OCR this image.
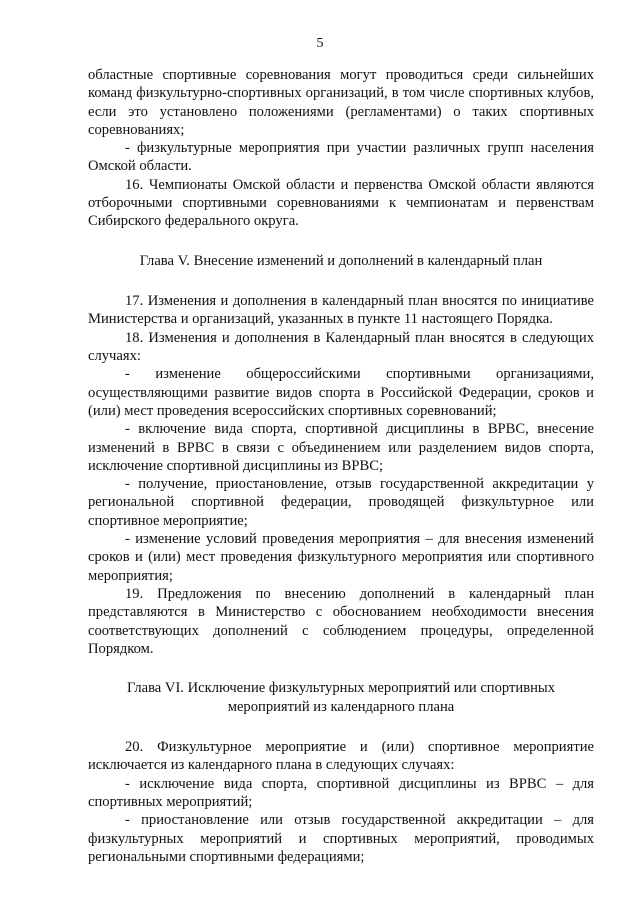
5

областные спортивные соревнования могут проводиться среди сильнейших команд физкультурно-спортивных организаций, в том числе спортивных клубов, если это установлено положениями (регламентами) о таких спортивных соревнованиях;

- физкультурные мероприятия при участии различных групп населения Омской области.

16. Чемпионаты Омской области и первенства Омской области являются отборочными спортивными соревнованиями к чемпионатам и первенствам Сибирского федерального округа.

Глава V. Внесение изменений и дополнений в календарный план

17. Изменения и дополнения в календарный план вносятся по инициативе Министерства и организаций, указанных в пункте 11 настоящего Порядка.

18. Изменения и дополнения в Календарный план вносятся в следующих случаях:

- изменение общероссийскими спортивными организациями, осуществляющими развитие видов спорта в Российской Федерации, сроков и (или) мест проведения всероссийских спортивных соревнований;

- включение вида спорта, спортивной дисциплины в ВРВС, внесение изменений в ВРВС в связи с объединением или разделением видов спорта, исключение спортивной дисциплины из ВРВС;

- получение, приостановление, отзыв государственной аккредитации у региональной спортивной федерации, проводящей физкультурное или спортивное мероприятие;

- изменение условий проведения мероприятия – для внесения изменений сроков и (или) мест проведения физкультурного мероприятия или спортивного мероприятия;

19. Предложения по внесению дополнений в календарный план представляются в Министерство с обоснованием необходимости внесения соответствующих дополнений с соблюдением процедуры, определенной Порядком.

Глава VI. Исключение физкультурных мероприятий или спортивных
мероприятий из календарного плана

20. Физкультурное мероприятие и (или) спортивное мероприятие исключается из календарного плана в следующих случаях:

- исключение вида спорта, спортивной дисциплины из ВРВС – для спортивных мероприятий;

- приостановление или отзыв государственной аккредитации – для физкультурных мероприятий и спортивных мероприятий, проводимых региональными спортивными федерациями;
